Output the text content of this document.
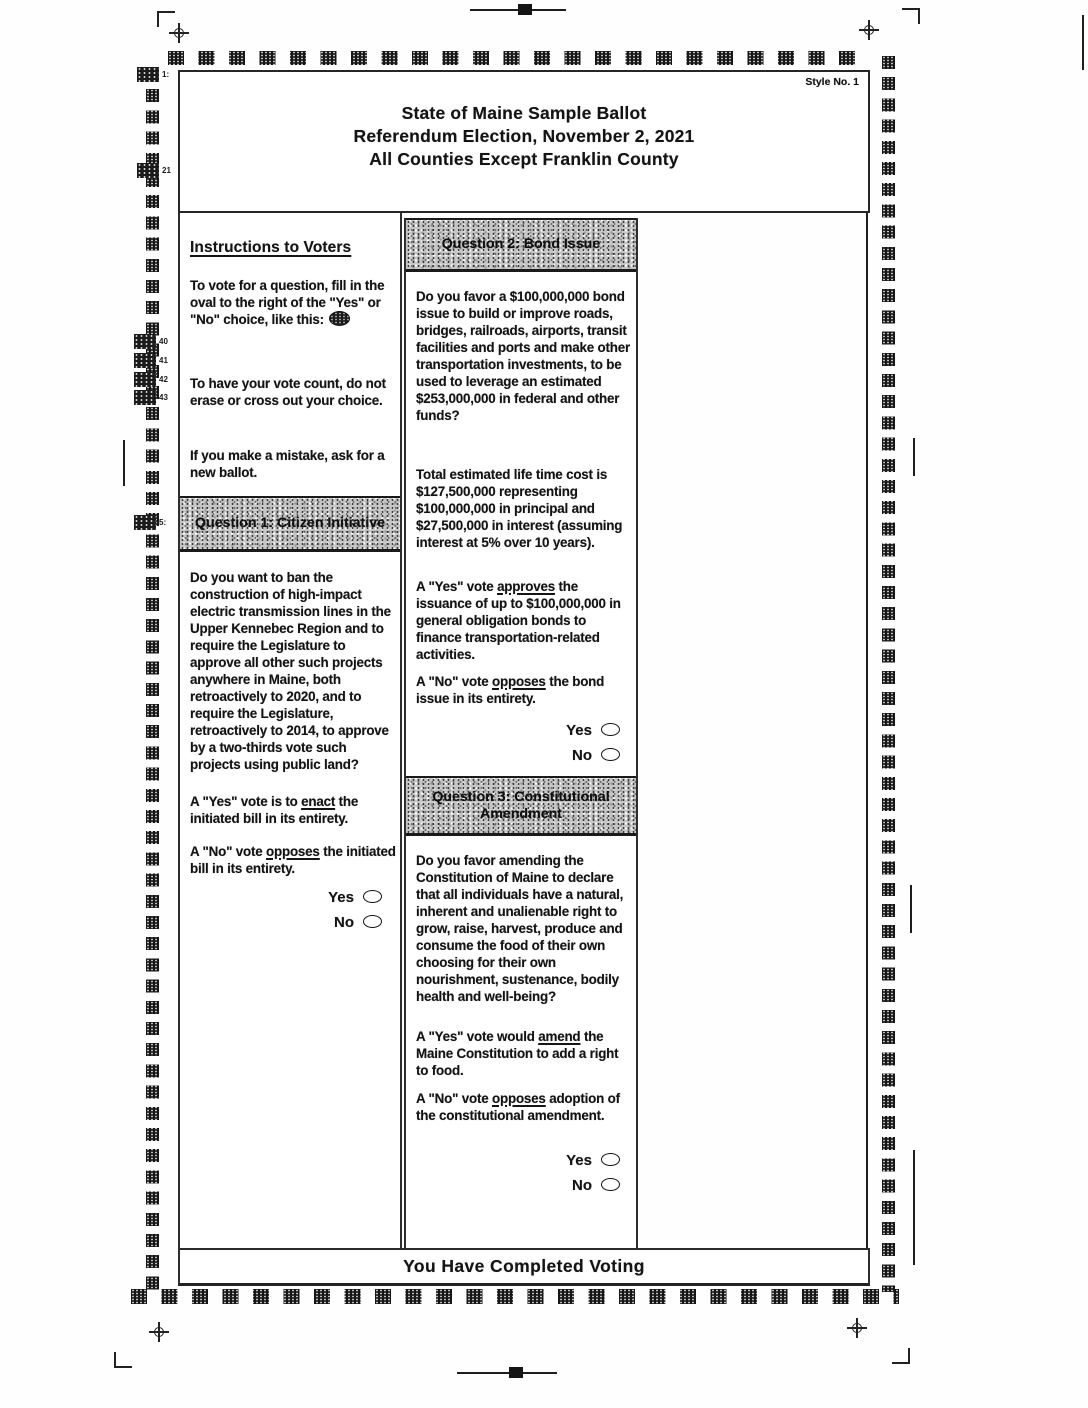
1:
21
40
41
42
43
5:
Style No. 1
State of Maine Sample Ballot
Referendum Election, November 2, 2021
All Counties Except Franklin County
Instructions to Voters
To vote for a question, fill in the oval to the right of the "Yes" or "No" choice, like this:
To have your vote count, do not erase or cross out your choice.
If you make a mistake, ask for a new ballot.
Question 1: Citizen Initiative
Do you want to ban the construction of high-impact electric transmission lines in the Upper Kennebec Region and to require the Legislature to approve all other such projects anywhere in Maine, both retroactively to 2020, and to require the Legislature, retroactively to 2014, to approve by a two-thirds vote such projects using public land?
A "Yes" vote is to enact the initiated bill in its entirety.
A "No" vote opposes the initiated bill in its entirety.
Yes
No
Question 2: Bond Issue
Do you favor a $100,000,000 bond issue to build or improve roads, bridges, railroads, airports, transit facilities and ports and make other transportation investments, to be used to leverage an estimated $253,000,000 in federal and other funds?
Total estimated life time cost is $127,500,000 representing $100,000,000 in principal and $27,500,000 in interest (assuming interest at 5% over 10 years).
A "Yes" vote approves the issuance of up to $100,000,000 in general obligation bonds to finance transportation-related activities.
A "No" vote opposes the bond issue in its entirety.
Yes
No
Question 3: Constitutional
Amendment
Do you favor amending the Constitution of Maine to declare that all individuals have a natural, inherent and unalienable right to grow, raise, harvest, produce and consume the food of their own choosing for their own nourishment, sustenance, bodily health and well-being?
A "Yes" vote would amend the Maine Constitution to add a right to food.
A "No" vote opposes adoption of the constitutional amendment.
Yes
No
You Have Completed Voting
